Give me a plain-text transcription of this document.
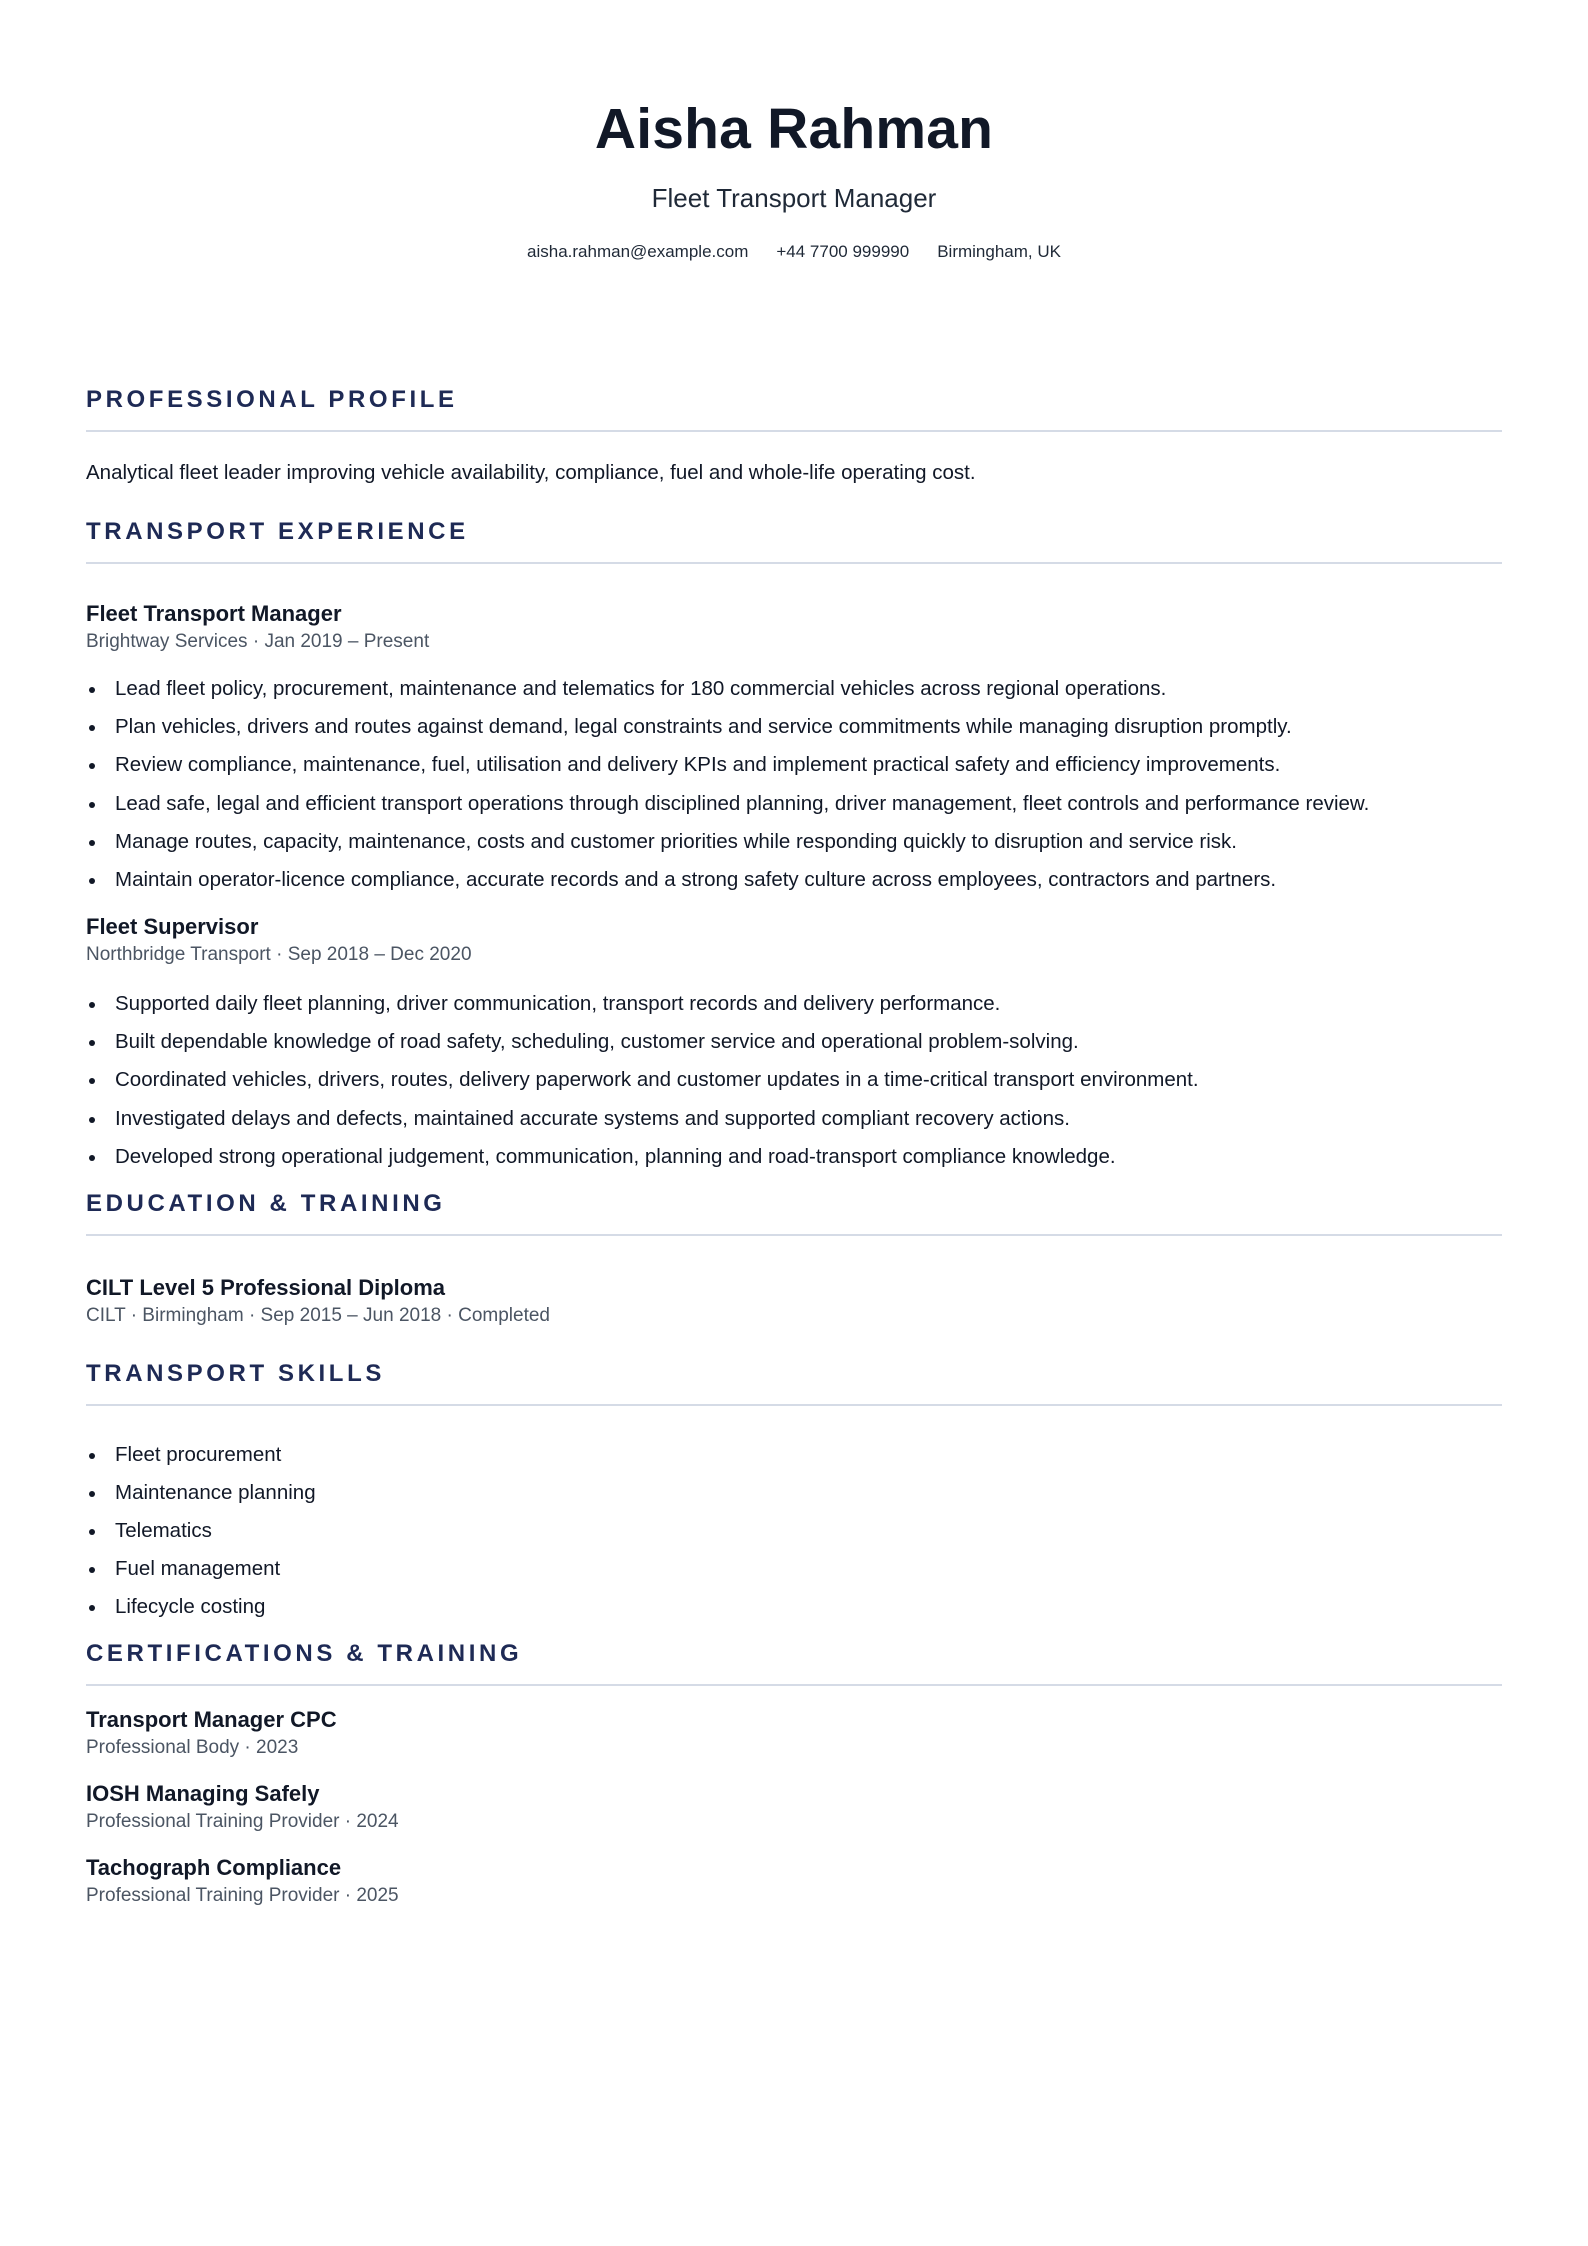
Aisha Rahman
Fleet Transport Manager
aisha.rahman@example.com +44 7700 999990 Birmingham, UK
PROFESSIONAL PROFILE
Analytical fleet leader improving vehicle availability, compliance, fuel and whole-life operating cost.
TRANSPORT EXPERIENCE
Fleet Transport Manager
Brightway Services · Jan 2019 – Present
Lead fleet policy, procurement, maintenance and telematics for 180 commercial vehicles across regional operations.
Plan vehicles, drivers and routes against demand, legal constraints and service commitments while managing disruption promptly.
Review compliance, maintenance, fuel, utilisation and delivery KPIs and implement practical safety and efficiency improvements.
Lead safe, legal and efficient transport operations through disciplined planning, driver management, fleet controls and performance review.
Manage routes, capacity, maintenance, costs and customer priorities while responding quickly to disruption and service risk.
Maintain operator-licence compliance, accurate records and a strong safety culture across employees, contractors and partners.
Fleet Supervisor
Northbridge Transport · Sep 2018 – Dec 2020
Supported daily fleet planning, driver communication, transport records and delivery performance.
Built dependable knowledge of road safety, scheduling, customer service and operational problem-solving.
Coordinated vehicles, drivers, routes, delivery paperwork and customer updates in a time-critical transport environment.
Investigated delays and defects, maintained accurate systems and supported compliant recovery actions.
Developed strong operational judgement, communication, planning and road-transport compliance knowledge.
EDUCATION & TRAINING
CILT Level 5 Professional Diploma
CILT · Birmingham · Sep 2015 – Jun 2018 · Completed
TRANSPORT SKILLS
Fleet procurement
Maintenance planning
Telematics
Fuel management
Lifecycle costing
CERTIFICATIONS & TRAINING
Transport Manager CPC
Professional Body · 2023
IOSH Managing Safely
Professional Training Provider · 2024
Tachograph Compliance
Professional Training Provider · 2025
